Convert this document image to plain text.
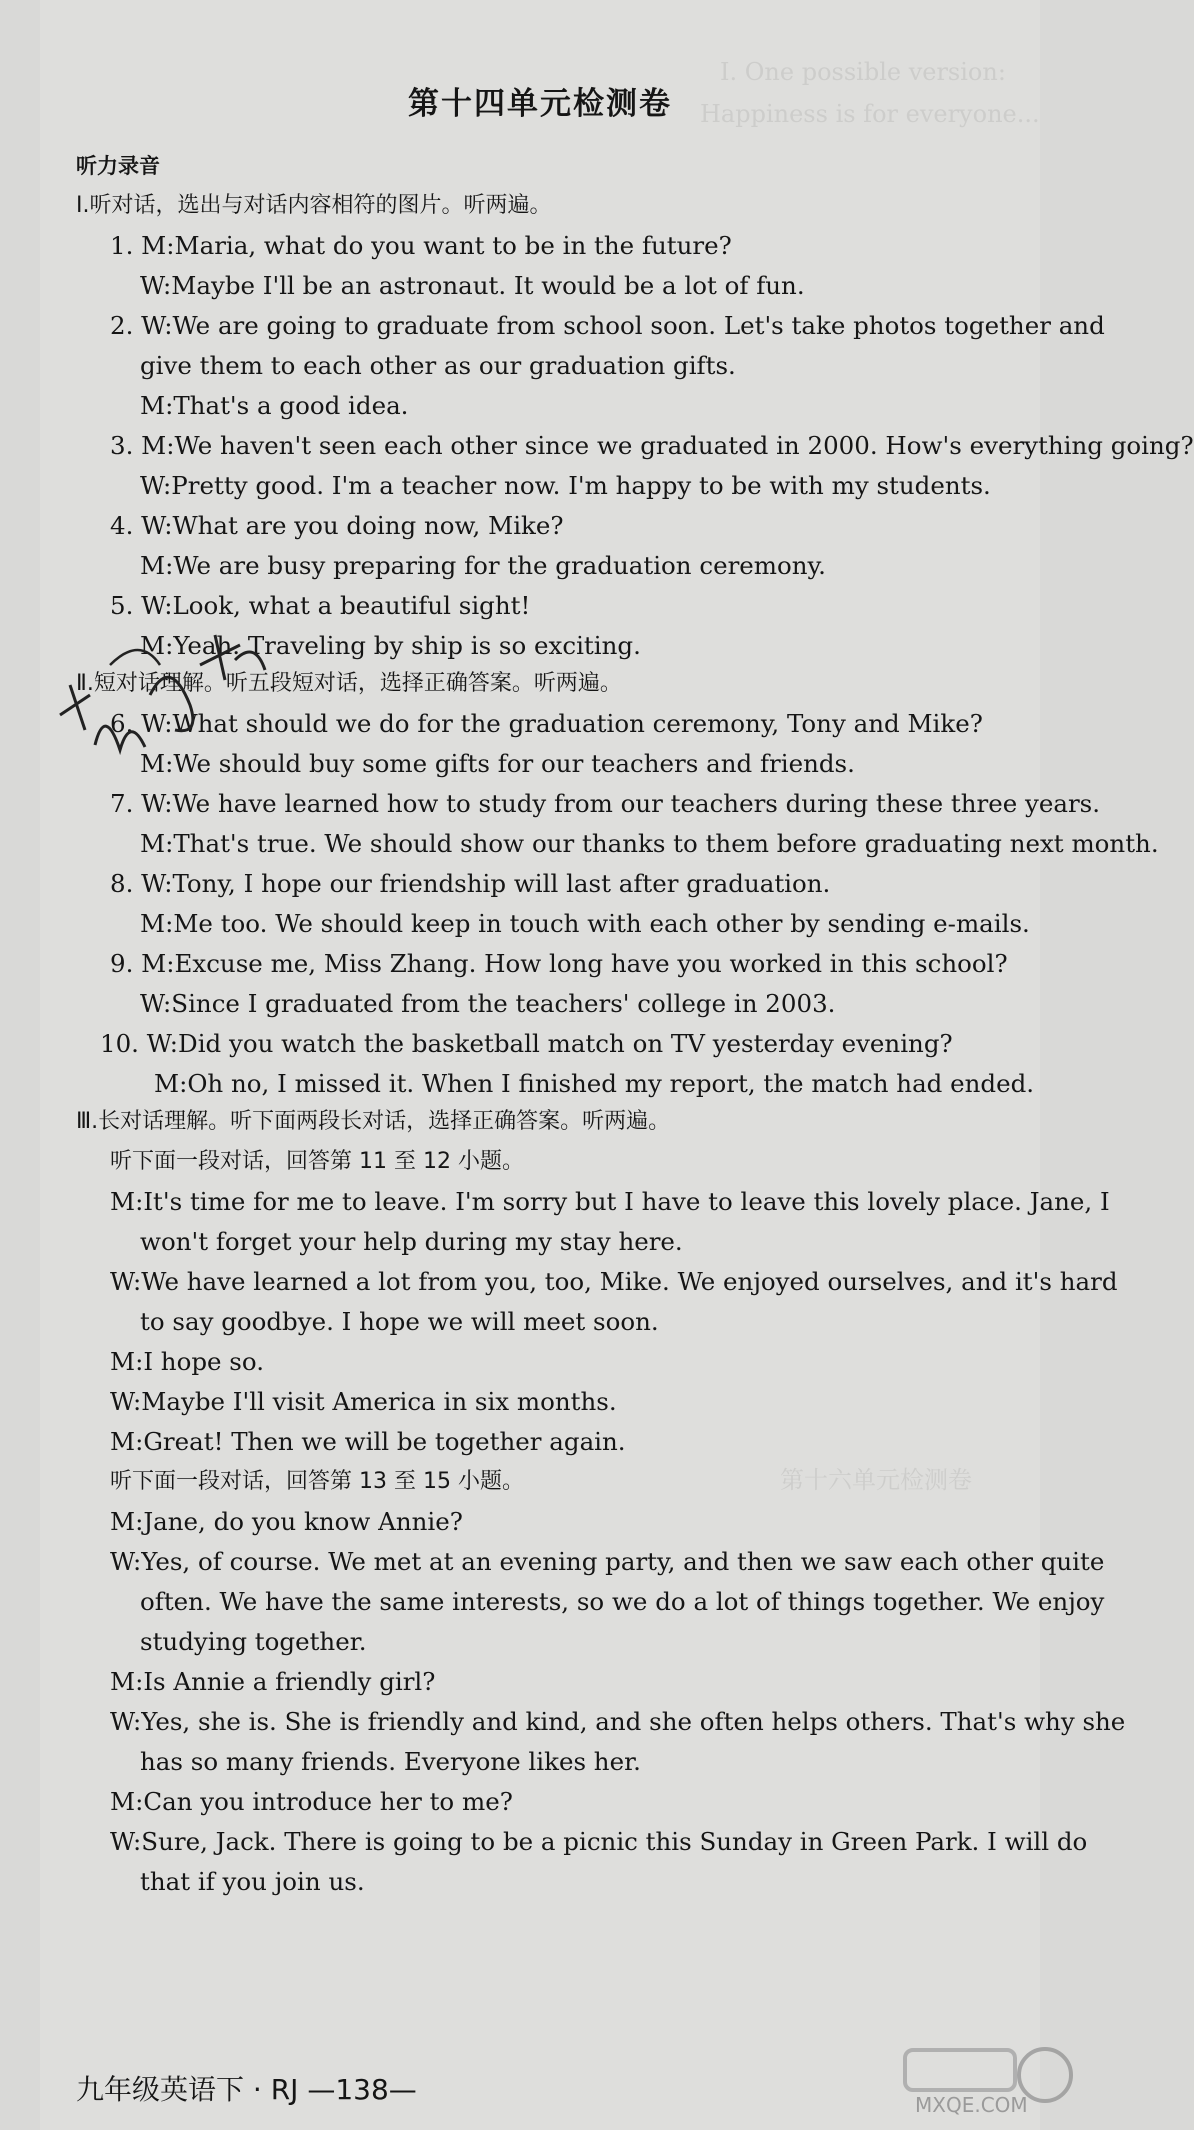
I. One possible version:
Happiness is for everyone...
第十六单元检测卷
第十四单元检测卷
听力录音
Ⅰ.听对话，选出与对话内容相符的图片。听两遍。
1. M:Maria, what do you want to be in the future?
W:Maybe I'll be an astronaut. It would be a lot of fun.
2. W:We are going to graduate from school soon. Let's take photos together and
give them to each other as our graduation gifts.
M:That's a good idea.
3. M:We haven't seen each other since we graduated in 2000. How's everything going?
W:Pretty good. I'm a teacher now. I'm happy to be with my students.
4. W:What are you doing now, Mike?
M:We are busy preparing for the graduation ceremony.
5. W:Look, what a beautiful sight!
M:Yeah. Traveling by ship is so exciting.
Ⅱ.短对话理解。听五段短对话，选择正确答案。听两遍。
6. W:What should we do for the graduation ceremony, Tony and Mike?
M:We should buy some gifts for our teachers and friends.
7. W:We have learned how to study from our teachers during these three years.
M:That's true. We should show our thanks to them before graduating next month.
8. W:Tony, I hope our friendship will last after graduation.
M:Me too. We should keep in touch with each other by sending e-mails.
9. M:Excuse me, Miss Zhang. How long have you worked in this school?
W:Since I graduated from the teachers' college in 2003.
10. W:Did you watch the basketball match on TV yesterday evening?
M:Oh no, I missed it. When I finished my report, the match had ended.
Ⅲ.长对话理解。听下面两段长对话，选择正确答案。听两遍。
听下面一段对话，回答第 11 至 12 小题。
M:It's time for me to leave. I'm sorry but I have to leave this lovely place. Jane, I
won't forget your help during my stay here.
W:We have learned a lot from you, too, Mike. We enjoyed ourselves, and it's hard
to say goodbye. I hope we will meet soon.
M:I hope so.
W:Maybe I'll visit America in six months.
M:Great! Then we will be together again.
听下面一段对话，回答第 13 至 15 小题。
M:Jane, do you know Annie?
W:Yes, of course. We met at an evening party, and then we saw each other quite
often. We have the same interests, so we do a lot of things together. We enjoy
studying together.
M:Is Annie a friendly girl?
W:Yes, she is. She is friendly and kind, and she often helps others. That's why she
has so many friends. Everyone likes her.
M:Can you introduce her to me?
W:Sure, Jack. There is going to be a picnic this Sunday in Green Park. I will do
that if you join us.
九年级英语下 · RJ —138—	MXQE.COM
